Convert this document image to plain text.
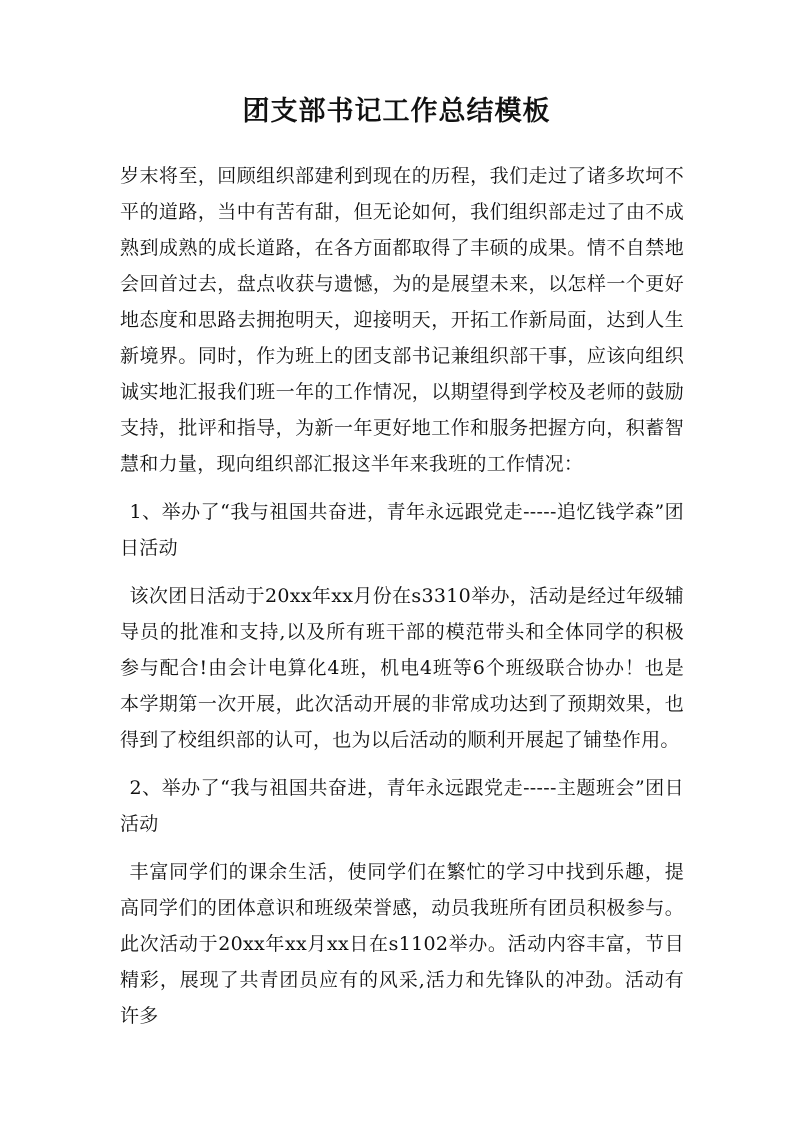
团支部书记工作总结模板

岁末将至，回顾组织部建利到现在的历程，我们走过了诸多坎坷不平的道路，当中有苦有甜，但无论如何，我们组织部走过了由不成熟到成熟的成长道路，在各方面都取得了丰硕的成果。情不自禁地会回首过去，盘点收获与遗憾，为的是展望未来，以怎样一个更好地态度和思路去拥抱明天，迎接明天，开拓工作新局面，达到人生新境界。同时，作为班上的团支部书记兼组织部干事，应该向组织诚实地汇报我们班一年的工作情况，以期望得到学校及老师的鼓励支持，批评和指导，为新一年更好地工作和服务把握方向，积蓄智慧和力量，现向组织部汇报这半年来我班的工作情况：

1、举办了“我与祖国共奋进，青年永远跟党走-----追忆钱学森”团日活动

该次团日活动于20xx年xx月份在s3310举办，活动是经过年级辅导员的批准和支持,以及所有班干部的模范带头和全体同学的积极参与配合!由会计电算化4班，机电4班等6个班级联合协办！也是本学期第一次开展，此次活动开展的非常成功达到了预期效果，也得到了校组织部的认可，也为以后活动的顺利开展起了铺垫作用。

2、举办了“我与祖国共奋进，青年永远跟党走-----主题班会”团日活动

丰富同学们的课余生活，使同学们在繁忙的学习中找到乐趣，提高同学们的团体意识和班级荣誉感，动员我班所有团员积极参与。此次活动于20xx年xx月xx日在s1102举办。活动内容丰富，节目精彩，展现了共青团员应有的风采,活力和先锋队的冲劲。活动有许多
